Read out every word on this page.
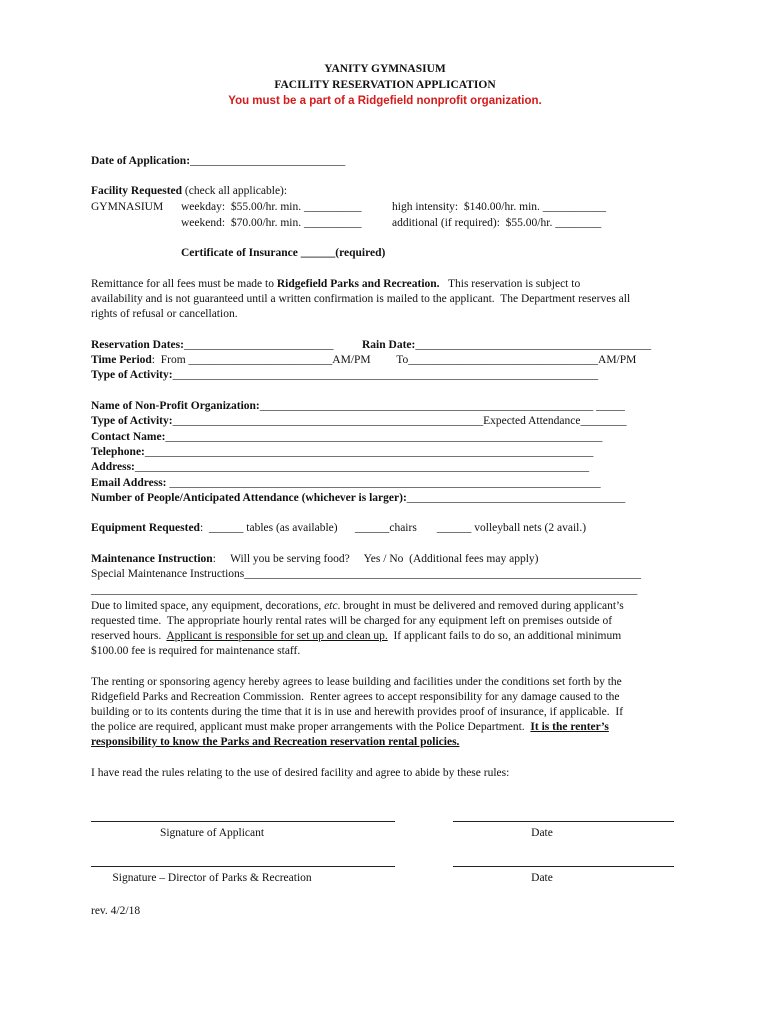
YANITY GYMNASIUM
FACILITY RESERVATION APPLICATION
You must be a part of a Ridgefield nonprofit organization.
Date of Application:___________________________
Facility Requested (check all applicable):
GYMNASIUM weekday:  $55.00/hr. min. __________
weekend:  $70.00/hr. min. __________
high intensity:  $140.00/hr. min. ___________
additional (if required):  $55.00/hr. ________
Certificate of Insurance ______(required)
Remittance for all fees must be made to Ridgefield Parks and Recreation.   This reservation is subject to
availability and is not guaranteed until a written confirmation is mailed to the applicant.  The Department reserves all
rights of refusal or cancellation.
Reservation Dates:__________________________ Rain Date:_________________________________________
Time Period:  From _________________________AM/PM         To_________________________________AM/PM
Type of Activity:__________________________________________________________________________
Name of Non-Profit Organization:__________________________________________________________ _____
Type of Activity:______________________________________________________Expected Attendance________
Contact Name:____________________________________________________________________________
Telephone:______________________________________________________________________________
Address:_______________________________________________________________________________
Email Address: ___________________________________________________________________________
Number of People/Anticipated Attendance (whichever is larger):______________________________________
Equipment Requested:  ______ tables (as available)      ______chairs       ______ volleyball nets (2 avail.)
Maintenance Instruction:     Will you be serving food?     Yes / No  (Additional fees may apply)
Special Maintenance Instructions_____________________________________________________________________
_______________________________________________________________________________________________
Due to limited space, any equipment, decorations, etc. brought in must be delivered and removed during applicant’s
requested time.  The appropriate hourly rental rates will be charged for any equipment left on premises outside of
reserved hours.  Applicant is responsible for set up and clean up.  If applicant fails to do so, an additional minimum
$100.00 fee is required for maintenance staff.
The renting or sponsoring agency hereby agrees to lease building and facilities under the conditions set forth by the
Ridgefield Parks and Recreation Commission.  Renter agrees to accept responsibility for any damage caused to the
building or to its contents during the time that it is in use and herewith provides proof of insurance, if applicable.  If
the police are required, applicant must make proper arrangements with the Police Department.  It is the renter’s
responsibility to know the Parks and Recreation reservation rental policies.
I have read the rules relating to the use of desired facility and agree to abide by these rules:
Signature of Applicant	Date
Signature – Director of Parks & Recreation	Date
rev. 4/2/18
